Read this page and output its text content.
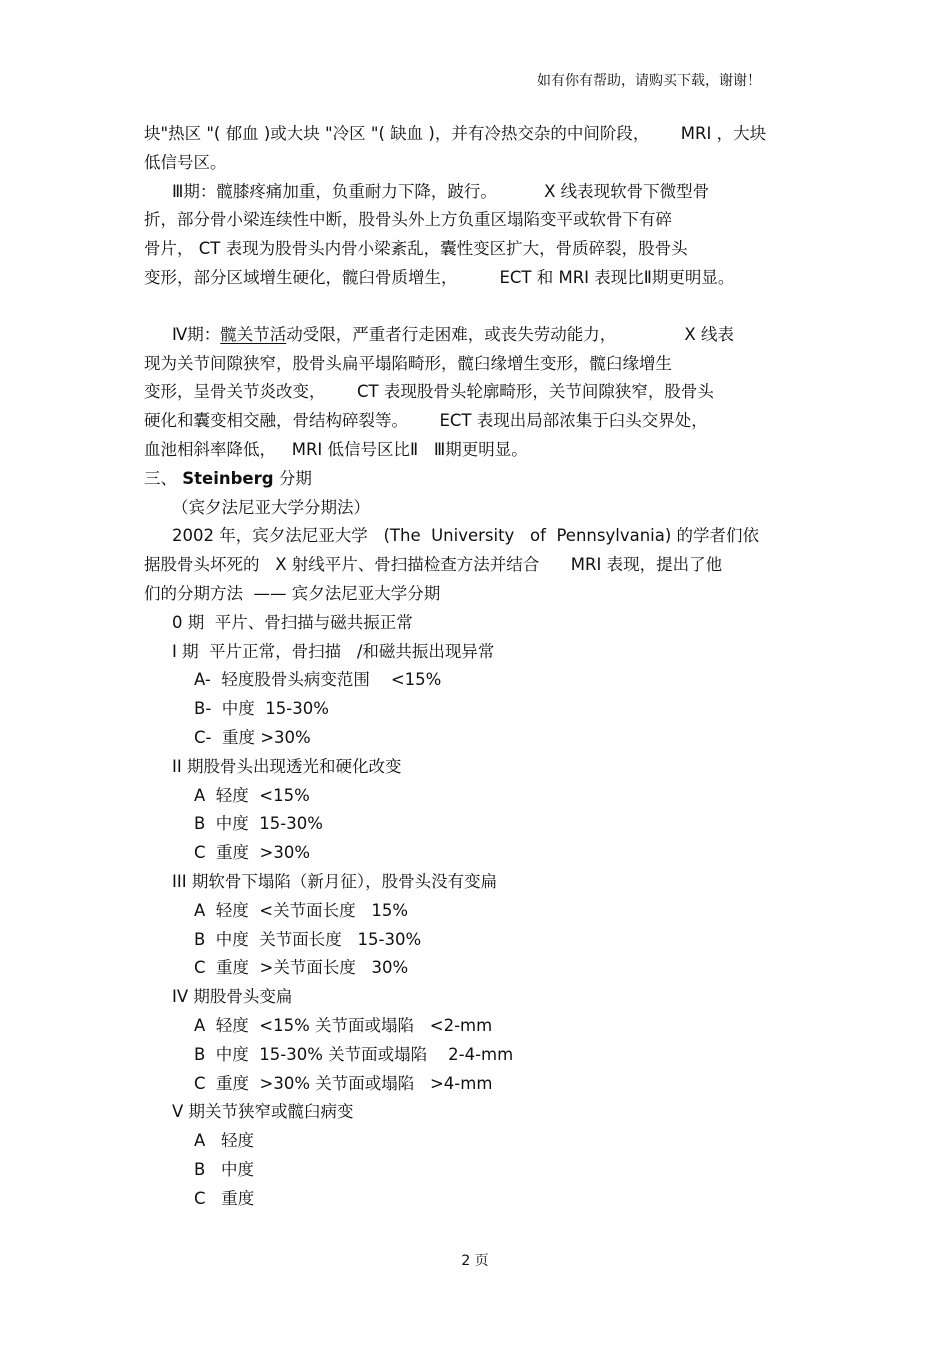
如有你有帮助，请购买下载，谢谢！
块"热区 "( 郁血 )或大块 "冷区 "( 缺血 )，并有冷热交杂的中间阶段，      MRI ，大块
低信号区。
Ⅲ期：髋膝疼痛加重，负重耐力下降，跛行。         X 线表现软骨下微型骨
折，部分骨小梁连续性中断，股骨头外上方负重区塌陷变平或软骨下有碎
骨片， CT 表现为股骨头内骨小梁紊乱，囊性变区扩大，骨质碎裂，股骨头
变形，部分区域增生硬化，髋臼骨质增生，        ECT 和 MRI 表现比Ⅱ期更明显。
Ⅳ期：髋关节活动受限，严重者行走困难，或丧失劳动能力，             X 线表
现为关节间隙狭窄，股骨头扁平塌陷畸形，髋臼缘增生变形，髋臼缘增生
变形，呈骨关节炎改变，      CT 表现股骨头轮廓畸形，关节间隙狭窄，股骨头
硬化和囊变相交融，骨结构碎裂等。      ECT 表现出局部浓集于臼头交界处，
血池相斜率降低，   MRI 低信号区比Ⅱ   Ⅲ期更明显。
三、 Steinberg 分期
（宾夕法尼亚大学分期法）
2002 年，宾夕法尼亚大学   (The  University   of  Pennsylvania) 的学者们依
据股骨头坏死的   X 射线平片、骨扫描检查方法并结合      MRI 表现，提出了他
们的分期方法  —— 宾夕法尼亚大学分期
0 期  平片、骨扫描与磁共振正常
I 期  平片正常，骨扫描   /和磁共振出现异常
A-  轻度股骨头病变范围    <15%
B-  中度  15-30%
C-  重度 >30%
II 期股骨头出现透光和硬化改变
A  轻度  <15%
B  中度  15-30%
C  重度  >30%
III 期软骨下塌陷（新月征），股骨头没有变扁
A  轻度  <关节面长度   15%
B  中度  关节面长度   15-30%
C  重度  >关节面长度   30%
IV 期股骨头变扁
A  轻度  <15% 关节面或塌陷   <2-mm
B  中度  15-30% 关节面或塌陷    2-4-mm
C  重度  >30% 关节面或塌陷   >4-mm
V 期关节狭窄或髋臼病变
A   轻度
B   中度
C   重度
2 页
